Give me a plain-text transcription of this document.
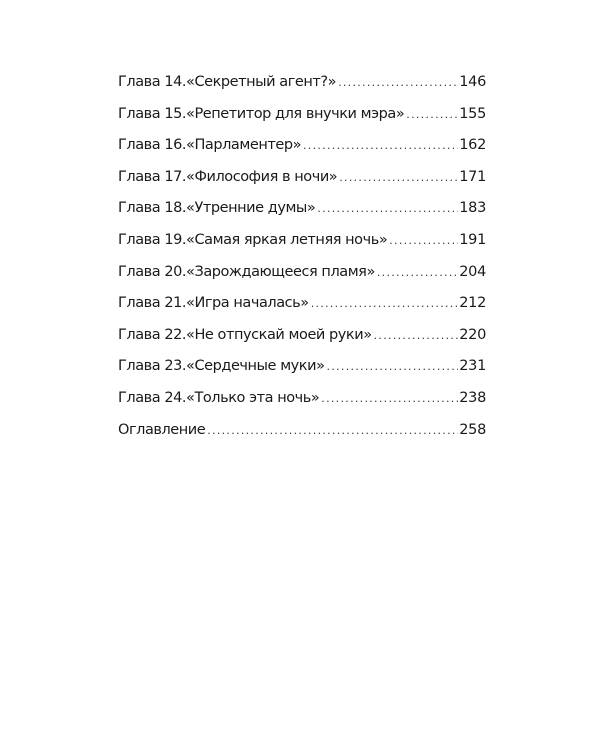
Глава 14. «Секретный агент?» .....	146
Глава 15. «Репетитор для внучки мэра» .....	155
Глава 16. «Парламентер» .....	162
Глава 17. «Философия в ночи» .....	171
Глава 18. «Утренние думы» .....	183
Глава 19. «Самая яркая летняя ночь» .....	191
Глава 20. «Зарождающееся пламя» .....	204
Глава 21. «Игра началась» .....	212
Глава 22. «Не отпускай моей руки» .....	220
Глава 23. «Сердечные муки» .....	231
Глава 24. «Только эта ночь» .....	238
Оглавление .....	258
